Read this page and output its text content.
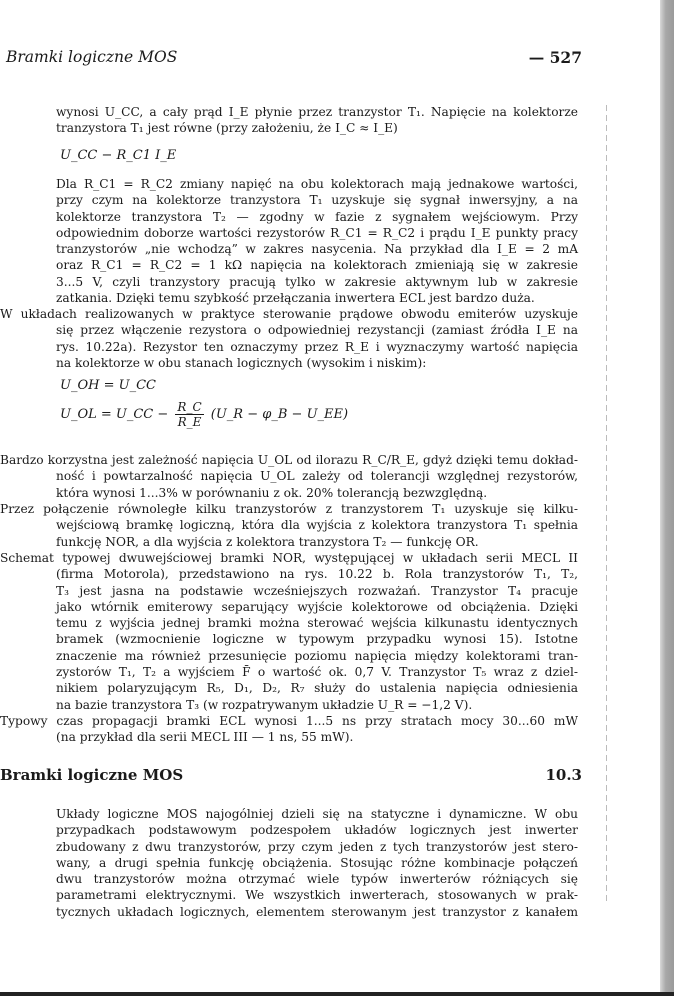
Bramki logiczne MOS	— 527
wynosi U_CC, a cały prąd I_E płynie przez tranzystor T₁. Napięcie na kolektorze
tranzystora T₁ jest równe (przy założeniu, że I_C ≈ I_E)
U_CC − R_C1 I_E
Dla R_C1 = R_C2 zmiany napięć na obu kolektorach mają jednakowe wartości,
przy czym na kolektorze tranzystora T₁ uzyskuje się sygnał inwersyjny, a na
kolektorze tranzystora T₂ — zgodny w fazie z sygnałem wejściowym. Przy
odpowiednim doborze wartości rezystorów R_C1 = R_C2 i prądu I_E punkty pracy
tranzystorów „nie wchodzą” w zakres nasycenia. Na przykład dla I_E = 2 mA
oraz R_C1 = R_C2 = 1 kΩ napięcia na kolektorach zmieniają się w zakresie
3...5 V, czyli tranzystory pracują tylko w zakresie aktywnym lub w zakresie
zatkania. Dzięki temu szybkość przełączania inwertera ECL jest bardzo duża.
W układach realizowanych w praktyce sterowanie prądowe obwodu emiterów uzyskuje
się przez włączenie rezystora o odpowiedniej rezystancji (zamiast źródła I_E na
rys. 10.22a). Rezystor ten oznaczymy przez R_E i wyznaczymy wartość napięcia
na kolektorze w obu stanach logicznych (wysokim i niskim):
U_OH = U_CC
U_OL = U_CC − $\frac{R\_C}{R\_E}$ (U_R − φ_B − U_EE)
Bardzo korzystna jest zależność napięcia U_OL od ilorazu R_C/R_E, gdyż dzięki temu dokład-
ność i powtarzalność napięcia U_OL zależy od tolerancji względnej rezystorów,
która wynosi 1...3% w porównaniu z ok. 20% tolerancją bezwzględną.
Przez połączenie równoległe kilku tranzystorów z tranzystorem T₁ uzyskuje się kilku-
wejściową bramkę logiczną, która dla wyjścia z kolektora tranzystora T₁ spełnia
funkcję NOR, a dla wyjścia z kolektora tranzystora T₂ — funkcję OR.
Schemat typowej dwuwejściowej bramki NOR, występującej w układach serii MECL II
(firma Motorola), przedstawiono na rys. 10.22 b. Rola tranzystorów T₁, T₂,
T₃ jest jasna na podstawie wcześniejszych rozważań. Tranzystor T₄ pracuje
jako wtórnik emiterowy separujący wyjście kolektorowe od obciążenia. Dzięki
temu z wyjścia jednej bramki można sterować wejścia kilkunastu identycznych
bramek (wzmocnienie logiczne w typowym przypadku wynosi 15). Istotne
znaczenie ma również przesunięcie poziomu napięcia między kolektorami tran-
zystorów T₁, T₂ a wyjściem F̄ o wartość ok. 0,7 V. Tranzystor T₅ wraz z dziel-
nikiem polaryzującym R₅, D₁, D₂, R₇ służy do ustalenia napięcia odniesienia
na bazie tranzystora T₃ (w rozpatrywanym układzie U_R = −1,2 V).
Typowy czas propagacji bramki ECL wynosi 1...5 ns przy stratach mocy 30...60 mW
(na przykład dla serii MECL III — 1 ns, 55 mW).
Bramki logiczne MOS	10.3
Układy logiczne MOS najogólniej dzieli się na statyczne i dynamiczne. W obu
przypadkach podstawowym podzespołem układów logicznych jest inwerter
zbudowany z dwu tranzystorów, przy czym jeden z tych tranzystorów jest stero-
wany, a drugi spełnia funkcję obciążenia. Stosując różne kombinacje połączeń
dwu tranzystorów można otrzymać wiele typów inwerterów różniących się
parametrami elektrycznymi. We wszystkich inwerterach, stosowanych w prak-
tycznych układach logicznych, elementem sterowanym jest tranzystor z kanałem
